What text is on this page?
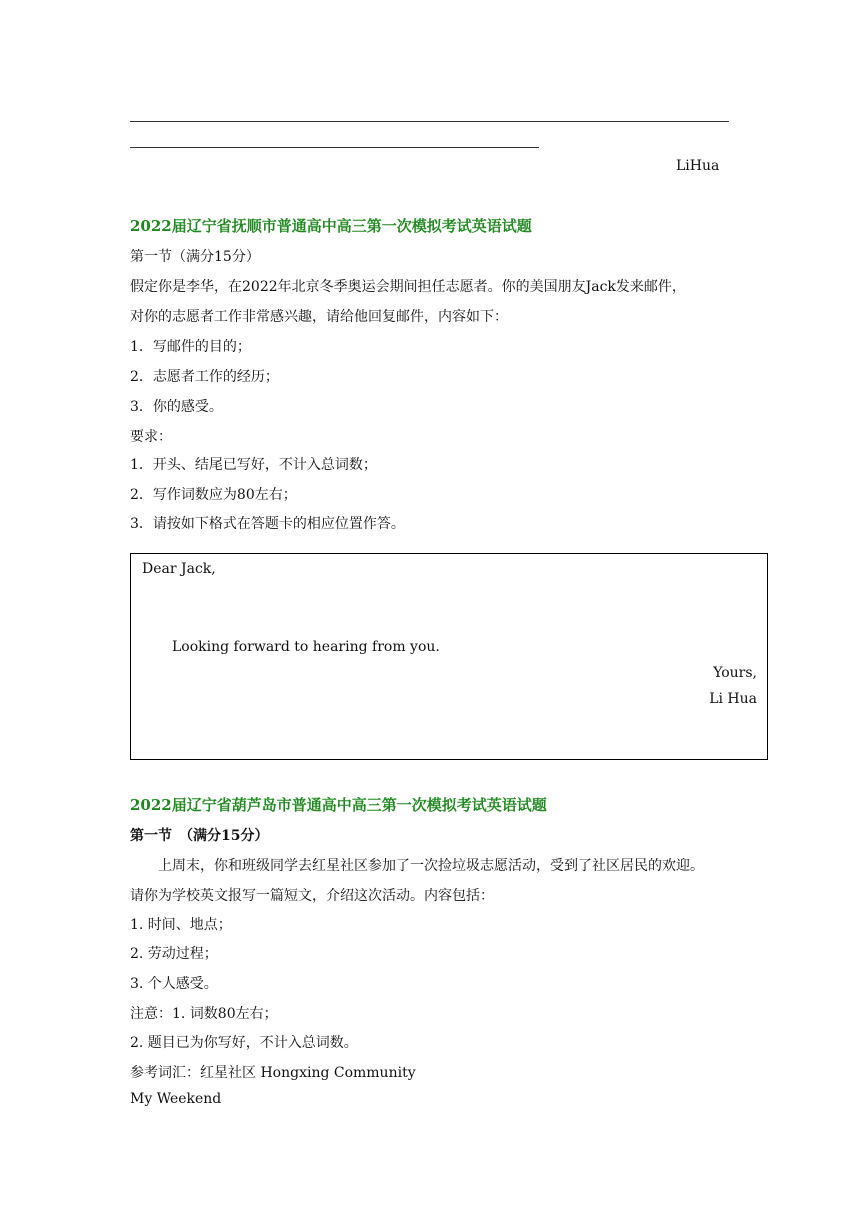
LiHua
2022届辽宁省抚顺市普通高中高三第一次模拟考试英语试题
第一节（满分15分）
假定你是李华，在2022年北京冬季奥运会期间担任志愿者。你的美国朋友Jack发来邮件，
对你的志愿者工作非常感兴趣，请给他回复邮件，内容如下：
1．写邮件的目的；
2．志愿者工作的经历；
3．你的感受。
要求：
1．开头、结尾已写好，不计入总词数；
2．写作词数应为80左右；
3．请按如下格式在答题卡的相应位置作答。
Dear Jack,
Looking forward to hearing from you.
Yours,
Li Hua
2022届辽宁省葫芦岛市普通高中高三第一次模拟考试英语试题
第一节　（满分15分）
上周末，你和班级同学去红星社区参加了一次捡垃圾志愿活动，受到了社区居民的欢迎。
请你为学校英文报写一篇短文，介绍这次活动。内容包括：
1. 时间、地点；
2. 劳动过程；
3. 个人感受。
注意：1. 词数80左右；
2. 题目已为你写好，不计入总词数。
参考词汇：红星社区 Hongxing Community
My Weekend
